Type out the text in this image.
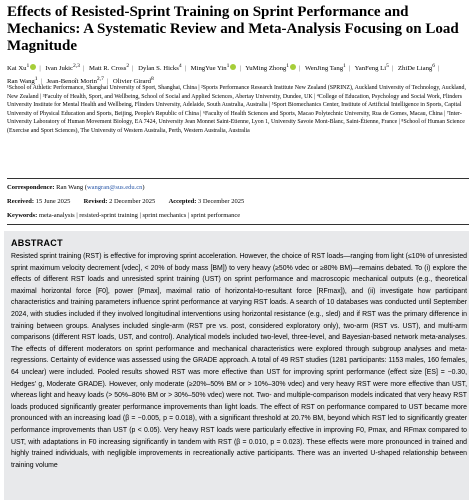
Effects of Resisted-Sprint Training on Sprint Performance and Mechanics: A Systematic Review and Meta-Analysis Focusing on Load Magnitude
Kai Xu$^1$ | Ivan Jukic$^{2,3}$ | Matt R. Cross$^2$ | Dylan S. Hicks$^4$ | MingYue Yin$^1$ | YuMing Zhong$^1$ | WenJing Tang$^1$ | YanFeng Li$^5$ | ZhiDe Liang$^6$ | Ran Wang$^1$ | Jean-Benoît Morin$^{2,7}$ | Olivier Girard$^8$
¹School of Athletic Performance, Shanghai University of Sport, Shanghai, China | ²Sports Performance Research Institute New Zealand (SPRINZ), Auckland University of Technology, Auckland, New Zealand | ³Faculty of Health, Sport, and Wellbeing, School of Social and Applied Sciences, Abertay University, Dundee, UK | ⁴College of Education, Psychology and Social Work, Flinders University Institute for Mental Health and Wellbeing, Flinders University, Adelaide, South Australia, Australia | ⁵Sport Biomechanics Center, Institute of Artificial Intelligence in Sports, Capital University of Physical Education and Sports, Beijing, People's Republic of China | ⁶Faculty of Health Sciences and Sports, Macao Polytechnic University, Rua de Gomes, Macau, China | ⁷Inter-University Laboratory of Human Movement Biology, EA 7424, University Jean Monnet Saint-Etienne, Lyon 1, University Savoie Mont-Blanc, Saint-Étienne, France | ⁸School of Human Science (Exercise and Sport Sciences), The University of Western Australia, Perth, Western Australia, Australia
Correspondence: Ran Wang (wangran@sus.edu.cn)
Received: 15 June 2025 Revised: 2 December 2025 Accepted: 3 December 2025
Keywords: meta-analysis | resisted-sprint training | sprint mechanics | sprint performance
ABSTRACT
Resisted sprint training (RST) is effective for improving sprint acceleration. However, the choice of RST loads—ranging from light (≤10% of unresisted sprint maximum velocity decrement [vdec], < 20% of body mass [BM]) to very heavy (≥50% vdec or ≥80% BM)—remains debated. To (i) explore the effects of different RST loads and unresisted sprint training (UST) on sprint performance and macroscopic mechanical outputs (e.g., theoretical maximal horizontal force [F0], power [Pmax], maximal ratio of horizontal-to-resultant force [RFmax]), and (ii) investigate how participant characteristics and training parameters influence sprint performance at varying RST loads. A search of 10 databases was conducted until September 2024, with studies included if they involved longitudinal interventions using horizontal resistance (e.g., sled) and if RST was the primary difference in training between groups. Analyses included single-arm (RST pre vs. post, considered exploratory only), two-arm (RST vs. UST), and multi-arm comparisons (different RST loads, UST, and control). Analytical models included two-level, three-level, and Bayesian-based network meta-analyses. The effects of different moderators on sprint performance and mechanical characteristics were explored through subgroup analyses and meta-regressions. Certainty of evidence was assessed using the GRADE approach. A total of 49 RST studies (1281 participants: 1153 males, 160 females, 64 unclear) were included. Pooled results showed RST was more effective than UST for improving sprint performance (effect size [ES] = −0.30, Hedges' g, Moderate GRADE). However, only moderate (≥20%–50% BM or > 10%–30% vdec) and very heavy RST were more effective than UST, whereas light and heavy loads (> 50%–80% BM or > 30%–50% vdec) were not. Two- and multiple-comparison models indicated that very heavy RST loads produced significantly greater performance improvements than light loads. The effect of RST on performance compared to UST became more pronounced with an increasing load (β = −0.005, p = 0.018), with a significant threshold at 20.7% BM, beyond which RST led to significantly greater performance improvements than UST (p < 0.05). Very heavy RST loads were particularly effective in improving F0, Pmax, and RFmax compared to UST, with adaptations in F0 increasing significantly in tandem with RST (β = 0.010, p = 0.023). These effects were more pronounced in trained and highly trained individuals, with negligible improvements in recreationally active participants. There was an inverted U-shaped relationship between training volume
